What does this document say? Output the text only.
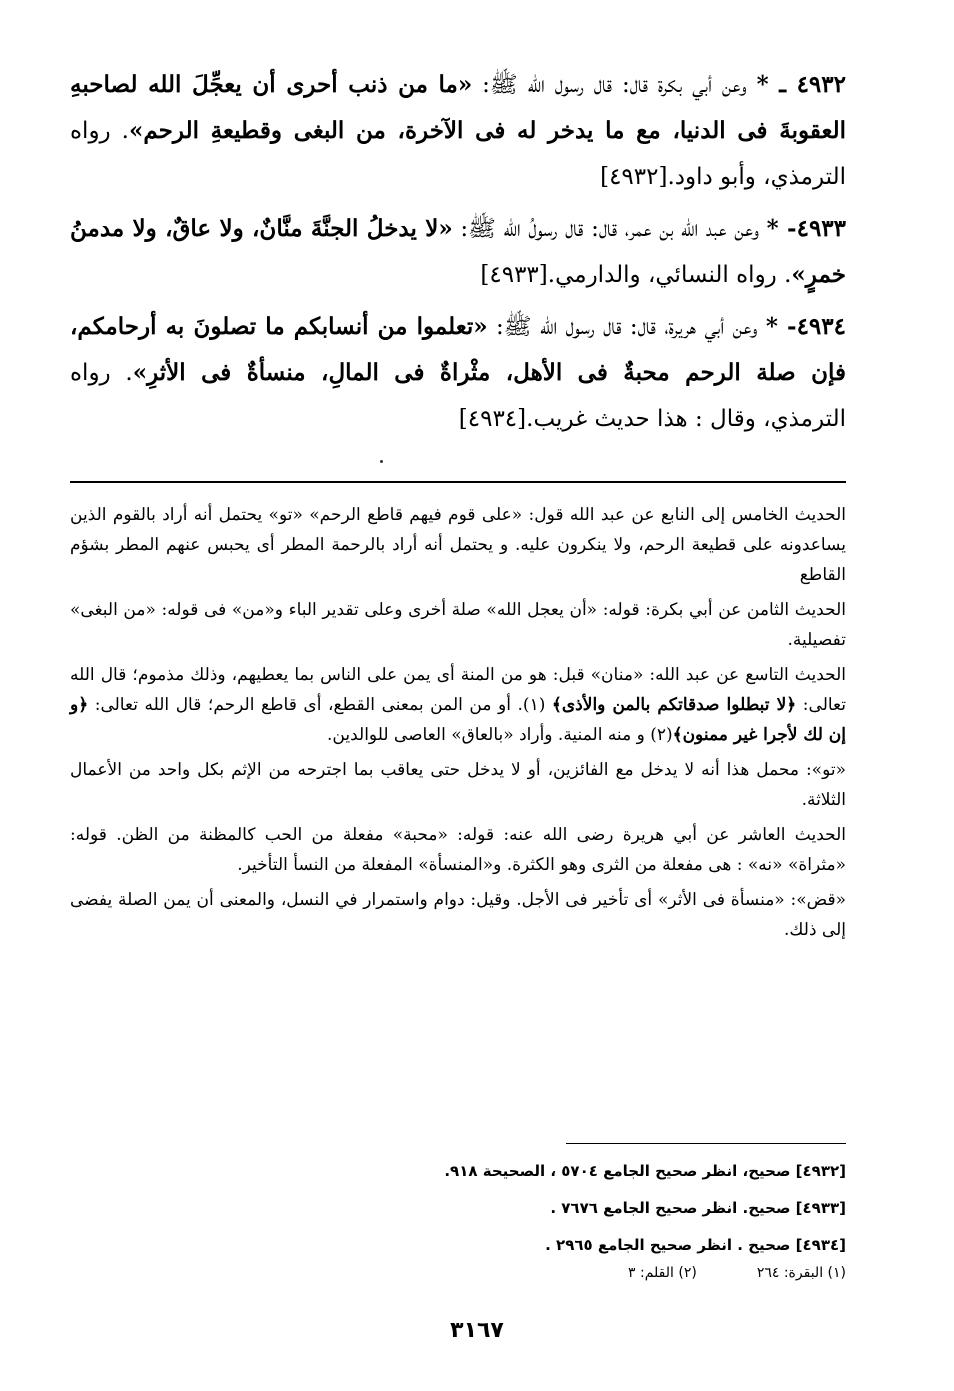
٤٩٣٢ ـ * وعن أبي بكرة قال: قال رسول الله ﷺ: «ما من ذنب أحرى أن يعجِّلَ الله لصاحبهِ العقوبةَ فى الدنيا، مع ما يدخر له فى الآخرة، من البغى وقطيعةِ الرحم». رواه الترمذي، وأبو داود.[٤٩٣٢]

٤٩٣٣- * وعن عبد الله بن عمر، قال: قال رسولُ الله ﷺ: «لا يدخلُ الجنَّةَ منَّانٌ، ولا عاقٌ، ولا مدمنُ خمرٍ». رواه النسائي، والدارمي.[٤٩٣٣]

٤٩٣٤- * وعن أبي هريرة، قال: قال رسول الله ﷺ: «تعلموا من أنسابكم ما تصلونَ به أرحامكم، فإن صلة الرحم محبةٌ فى الأهل، مثْراةٌ فى المالِ، منسأةٌ فى الأثرِ». رواه الترمذي، وقال : هذا حديث غريب.[٤٩٣٤]

الحديث الخامس إلى النابع عن عبد الله قول: «على قوم فيهم قاطع الرحم» «تو» يحتمل أنه أراد بالقوم الذين يساعدونه على قطيعة الرحم، ولا ينكرون عليه. و يحتمل أنه أراد بالرحمة المطر أى يحبس عنهم المطر بشؤم القاطع

الحديث الثامن عن أبي بكرة: قوله: «أن يعجل الله» صلة أخرى وعلى تقدير الباء و«من» فى قوله: «من البغى» تفصيلية.

الحديث التاسع عن عبد الله: «منان» قبل: هو من المنة أى يمن على الناس بما يعطيهم، وذلك مذموم؛ قال الله تعالى: ﴿لا تبطلوا صدقاتكم بالمن والأذى﴾ (١). أو من المن بمعنى القطع، أى قاطع الرحم؛ قال الله تعالى: ﴿و إن لك لأجرا غير ممنون﴾(٢) و منه المنية. وأراد «بالعاق» العاصى للوالدين.

«تو»: محمل هذا أنه لا يدخل مع الفائزين، أو لا يدخل حتى يعاقب بما اجترحه من الإثم بكل واحد من الأعمال الثلاثة.

الحديث العاشر عن أبي هريرة رضى الله عنه: قوله: «محبة» مفعلة من الحب كالمظنة من الظن. قوله: «مثراة» «نه» : هى مفعلة من الثرى وهو الكثرة. و«المنسأة» المفعلة من النسأ التأخير.

«قض»: «منسأة فى الأثر» أى تأخير فى الأجل. وقيل: دوام واستمرار في النسل، والمعنى أن يمن الصلة يفضى إلى ذلك.

[٤٩٣٢] صحيح، انظر صحيح الجامع ٥٧٠٤ ، الصحيحة ٩١٨.
[٤٩٣٣] صحيح. انظر صحيح الجامع ٧٦٧٦ .
[٤٩٣٤] صحيح . انظر صحيح الجامع ٢٩٦٥ .
(١) البقرة: ٢٦٤
(٢) القلم: ٣
٣١٦٧
